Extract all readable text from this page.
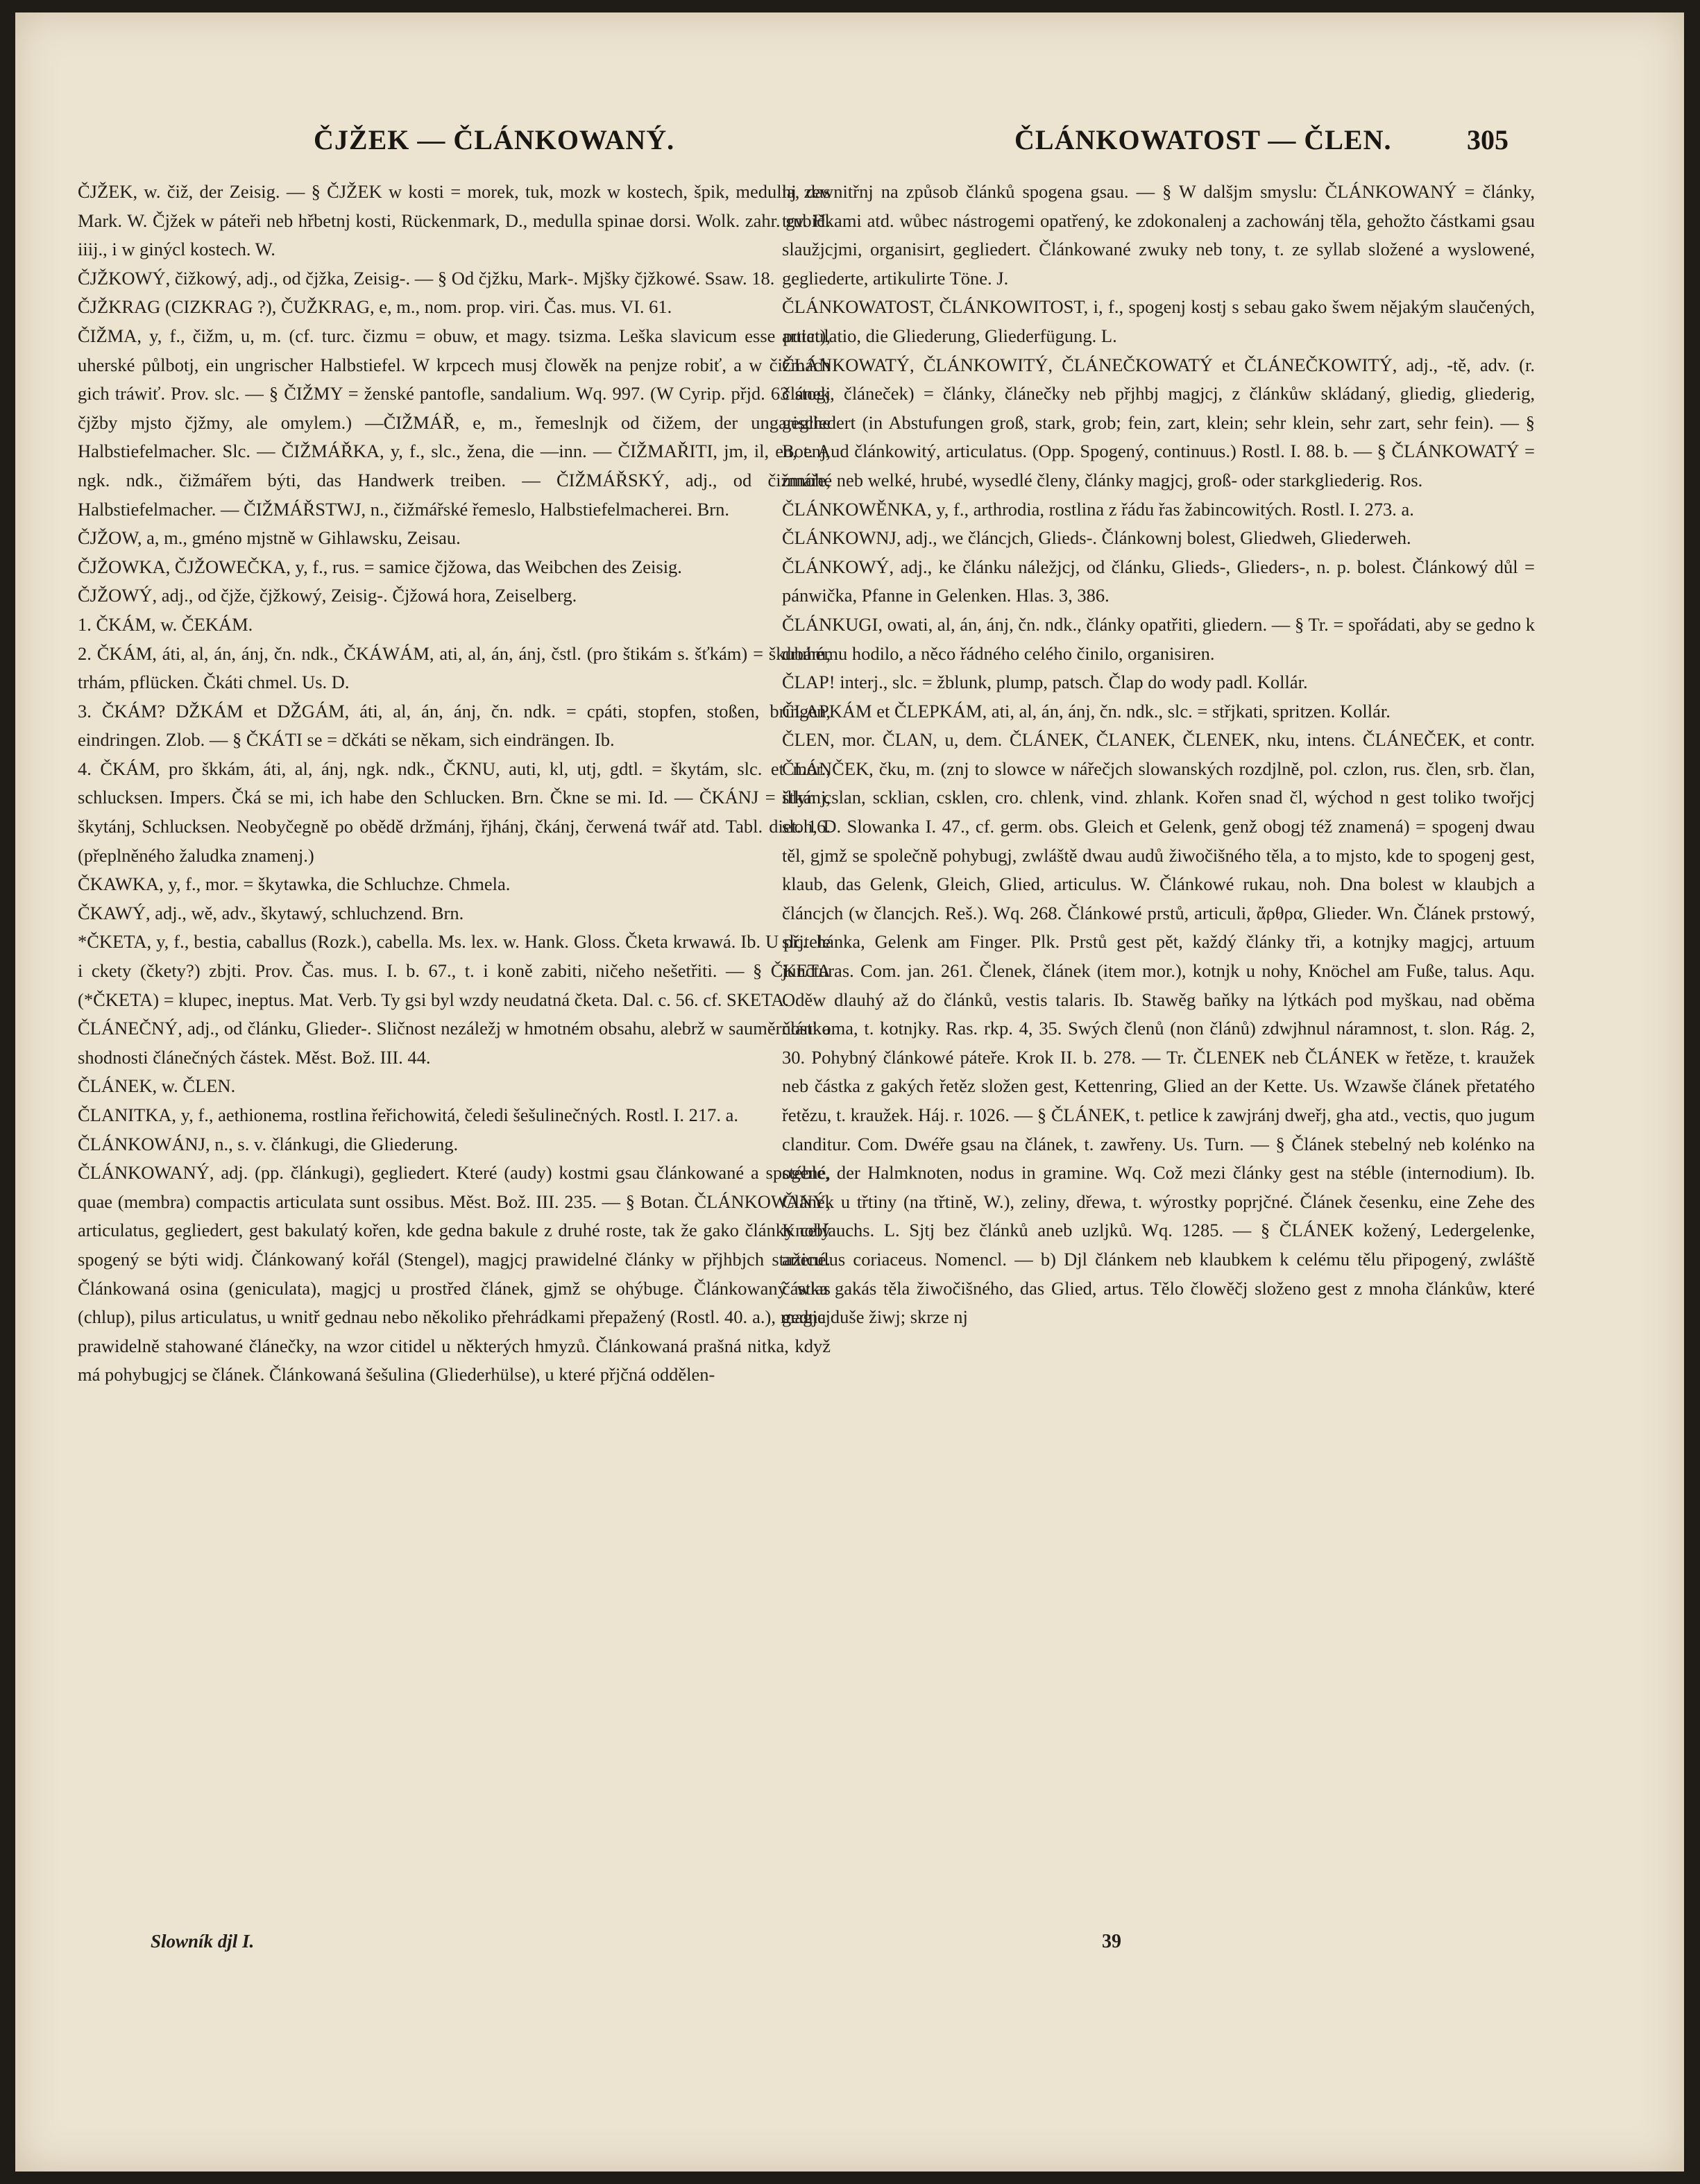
ČJŽEK — ČLÁNKOWANÝ.	ČLÁNKOWATOST — ČLEN.	305

ČJŽEK, w. čiž, der Zeisig. — § ČJŽEK w kosti = morek, tuk, mozk w kostech, špik, medulla, das Mark. W. Čjžek w páteři neb hřbetnj kosti, Rückenmark, D., medulla spinae dorsi. Wolk. zahr. gv. H. iiij., i w ginýcl kostech. W.

ČJŽKOWÝ, čižkowý, adj., od čjžka, Zeisig-. — § Od čjžku, Mark-. Mjšky čjžkowé. Ssaw. 18.

ČJŽKRAG (CIZKRAG ?), ČUŽKRAG, e, m., nom. prop. viri. Čas. mus. VI. 61.

ČIŽMA, y, f., čižm, u, m. (cf. turc. čizmu = obuw, et magy. tsizma. Leška slavicum esse putat), uherské půlbotj, ein ungrischer Halbstiefel. W krpcech musj člowěk na penjze robiť, a w čižmách gich tráwiť. Prov. slc. — § ČIŽMY = ženské pantofle, sandalium. Wq. 997. (W Cyrip. přjd. 63 stogj čjžby mjsto čjžmy, ale omylem.) —ČIŽMÁŘ, e, m., řemeslnjk od čižem, der ungarische Halbstiefelmacher. Slc. — ČIŽMÁŘKA, y, f., slc., žena, die —inn. — ČIŽMAŘITI, jm, il, en, enj, ngk. ndk., čižmářem býti, das Handwerk treiben. — ČIŽMÁŘSKÝ, adj., od čižmáře, Halbstiefelmacher. — ČIŽMÁŘSTWJ, n., čižmářské řemeslo, Halbstiefelmacherei. Brn.

ČJŽOW, a, m., gméno mjstně w Gihlawsku, Zeisau.

ČJŽOWKA, ČJŽOWEČKA, y, f., rus. = samice čjžowa, das Weibchen des Zeisig.

ČJŽOWÝ, adj., od čjže, čjžkowý, Zeisig-. Čjžowá hora, Zeiselberg.

1. ČKÁM, w. ČEKÁM.

2. ČKÁM, áti, al, án, ánj, čn. ndk., ČKÁWÁM, ati, al, án, ánj, čstl. (pro štikám s. šťkám) = škubám, trhám, pflücken. Čkáti chmel. Us. D.

3. ČKÁM? DŽKÁM et DŽGÁM, áti, al, án, ánj, čn. ndk. = cpáti, stopfen, stoßen, bringen, eindringen. Zlob. — § ČKÁTI se = dčkáti se někam, sich eindrängen. Ib.

4. ČKÁM, pro škkám, áti, al, ánj, ngk. ndk., ČKNU, auti, kl, utj, gdtl. = škytám, slc. et mor., schlucksen. Impers. Čká se mi, ich habe den Schlucken. Brn. Čkne se mi. Id. — ČKÁNJ = štkánj, škytánj, Schlucksen. Neobyčegně po obědě držmánj, řjhánj, čkánj, čerwená twář atd. Tabl. diet. 16. (přeplněného žaludka znamenj.)

ČKAWKA, y, f., mor. = škytawka, die Schluchze. Chmela.

ČKAWÝ, adj., wě, adv., škytawý, schluchzend. Brn.

*ČKETA, y, f., bestia, caballus (Rozk.), cabella. Ms. lex. w. Hank. Gloss. Čketa krwawá. Ib. U přjtele i ckety (čkety?) zbjti. Prov. Čas. mus. I. b. 67., t. i koně zabiti, ničeho nešetřiti. — § ČKETA (*ČKETA) = klupec, ineptus. Mat. Verb. Ty gsi byl wzdy neudatná čketa. Dal. c. 56. cf. SKETA.

ČLÁNEČNÝ, adj., od článku, Glieder-. Sličnost nezáležj w hmotném obsahu, alebrž w sauměrnosti a shodnosti článečných částek. Měst. Bož. III. 44.

ČLÁNEK, w. ČLEN.

ČLANITKA, y, f., aethionema, rostlina řeřichowitá, čeledi šešulinečných. Rostl. I. 217. a.

ČLÁNKOWÁNJ, n., s. v. článkugi, die Gliederung.

ČLÁNKOWANÝ, adj. (pp. článkugi), gegliedert. Které (audy) kostmi gsau článkowané a spogené, quae (membra) compactis articulata sunt ossibus. Měst. Bož. III. 235. — § Botan. ČLÁNKOWANÝ, articulatus, gegliedert, gest bakulatý kořen, kde gedna bakule z druhé roste, tak že gako články celý spogený se býti widj. Článkowaný kořál (Stengel), magjcj prawidelné články w přjhbjch stažené. Článkowaná osina (geniculata), magjcj u prostřed článek, gjmž se ohýbuge. Článkowaný wlas (chlup), pilus articulatus, u wnitř gednau nebo několiko přehrádkami přepažený (Rostl. 40. a.), magjcj prawidelně stahowané článečky, na wzor citidel u některých hmyzů. Článkowaná prašná nitka, když má pohybugjcj se článek. Článkowaná šešulina (Gliederhülse), u které přjčná oddělen-

nj zewnitřnj na způsob článků spogena gsau. — § W dalšjm smyslu: ČLÁNKOWANÝ = články, trubičkami atd. wůbec nástrogemi opatřený, ke zdokonalenj a zachowánj těla, gehožto částkami gsau slaužjcjmi, organisirt, gegliedert. Článkowané zwuky neb tony, t. ze syllab složené a wyslowené, gegliederte, artikulirte Töne. J.

ČLÁNKOWATOST, ČLÁNKOWITOST, i, f., spogenj kostj s sebau gako šwem nějakým slaučených, articulatio, die Gliederung, Gliederfügung. L.

ČLÁNKOWATÝ, ČLÁNKOWITÝ, ČLÁNEČKOWATÝ et ČLÁNEČKOWITÝ, adj., -tě, adv. (r. článek, článeček) = články, článečky neb přjhbj magjcj, z článkůw skládaný, gliedig, gliederig, gegliedert (in Abstufungen groß, stark, grob; fein, zart, klein; sehr klein, sehr zart, sehr fein). — § Bot. Aud článkowitý, articulatus. (Opp. Spogený, continuus.) Rostl. I. 88. b. — § ČLÁNKOWATÝ = mnohé neb welké, hrubé, wysedlé členy, články magjcj, groß- oder starkgliederig. Ros.

ČLÁNKOWĚNKA, y, f., arthrodia, rostlina z řádu řas žabincowitých. Rostl. I. 273. a.

ČLÁNKOWNJ, adj., we článcjch, Glieds-. Článkownj bolest, Gliedweh, Gliederweh.

ČLÁNKOWÝ, adj., ke článku náležjcj, od článku, Glieds-, Glieders-, n. p. bolest. Článkowý důl = pánwička, Pfanne in Gelenken. Hlas. 3, 386.

ČLÁNKUGI, owati, al, án, ánj, čn. ndk., články opatřiti, gliedern. — § Tr. = spořádati, aby se gedno k druhému hodilo, a něco řádného celého činilo, organisiren.

ČLAP! interj., slc. = žblunk, plump, patsch. Člap do wody padl. Kollár.

ČLAPKÁM et ČLEPKÁM, ati, al, án, ánj, čn. ndk., slc. = střjkati, spritzen. Kollár.

ČLEN, mor. ČLAN, u, dem. ČLÁNEK, ČLANEK, ČLENEK, nku, intens. ČLÁNEČEK, et contr. ČLÁNČEK, čku, m. (znj to slowce w nářečjch slowanských rozdjlně, pol. czlon, rus. člen, srb. član, illyr. cslan, scklian, csklen, cro. chlenk, vind. zhlank. Kořen snad čl, wýchod n gest toliko twořjcj sloh, D. Slowanka I. 47., cf. germ. obs. Gleich et Gelenk, genž obogj též znamená) = spogenj dwau těl, gjmž se společně pohybugj, zwláště dwau audů žiwočišného těla, a to mjsto, kde to spogenj gest, klaub, das Gelenk, Gleich, Glied, articulus. W. Článkowé rukau, noh. Dna bolest w klaubjch a článcjch (w člancjch. Reš.). Wq. 268. Článkowé prstů, articuli, ἄρθρα, Glieder. Wn. Článek prstowý, slc. hánka, Gelenk am Finger. Plk. Prstů gest pět, každý články tři, a kotnjky magjcj, artuum juncturas. Com. jan. 261. Členek, článek (item mor.), kotnjk u nohy, Knöchel am Fuße, talus. Aqu. Oděw dlauhý až do článků, vestis talaris. Ib. Stawěg baňky na lýtkách pod myškau, nad oběma článkoma, t. kotnjky. Ras. rkp. 4, 35. Swých členů (non článů) zdwjhnul náramnost, t. slon. Rág. 2, 30. Pohybný článkowé páteře. Krok II. b. 278. — Tr. ČLENEK neb ČLÁNEK w řetěze, t. kraužek neb částka z gakých řetěz složen gest, Kettenring, Glied an der Kette. Us. Wzawše článek přetatého řetězu, t. kraužek. Háj. r. 1026. — § ČLÁNEK, t. petlice k zawjránj dweřj, gha atd., vectis, quo jugum clanditur. Com. Dwéře gsau na článek, t. zawřeny. Us. Turn. — § Článek stebelný neb kolénko na stéble, der Halmknoten, nodus in gramine. Wq. Což mezi články gest na stéble (internodium). Ib. Článek u třtiny (na třtině, W.), zeliny, dřewa, t. wýrostky poprjčné. Článek česenku, eine Zehe des Knoblauchs. L. Sjtj bez článků aneb uzljků. Wq. 1285. — § ČLÁNEK kožený, Ledergelenke, articulus coriaceus. Nomencl. — b) Djl článkem neb klaubkem k celému tělu připogený, zwláště částka gakás těla žiwočišného, das Glied, artus. Tělo člowěčj složeno gest z mnoha článkůw, které gedna duše žiwj; skrze nj

Slowník djl I.	39
